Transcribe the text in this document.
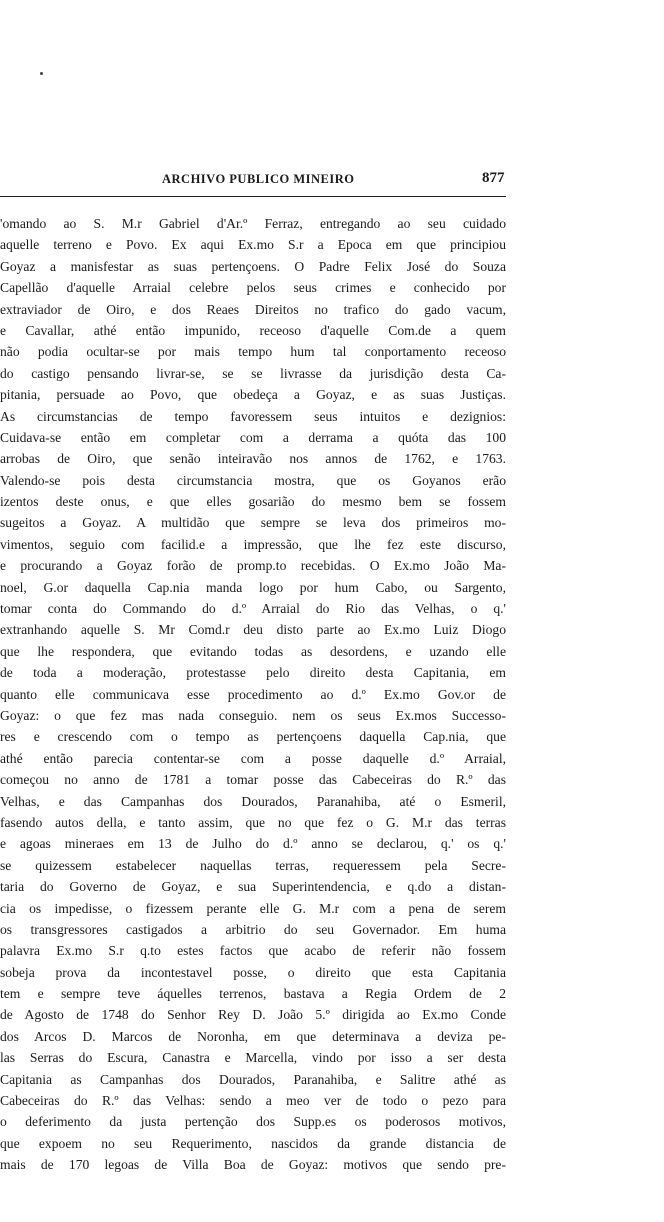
ARCHIVO PUBLICO MINEIRO	877
'omando ao S. M.r Gabriel d'Ar.º Ferraz, entregando ao seu cuidado
aquelle terreno e Povo. Ex aqui Ex.mo S.r a Epoca em que principiou
Goyaz a manisfestar as suas pertençoens. O Padre Felix José do Souza
Capellão d'aquelle Arraial celebre pelos seus crimes e conhecido por
extraviador de Oiro, e dos Reaes Direitos no trafico do gado vacum,
e Cavallar, athé então impunido, receoso d'aquelle Com.de a quem
não podia ocultar-se por mais tempo hum tal conportamento receoso
do castigo pensando livrar-se, se se livrasse da jurisdição desta Ca-
pitania, persuade ao Povo, que obedeça a Goyaz, e as suas Justiças.
As circumstancias de tempo favoressem seus intuitos e dezignios:
Cuidava-se então em completar com a derrama a quóta das 100
arrobas de Oiro, que senão inteiravão nos annos de 1762, e 1763.
Valendo-se pois desta circumstancia mostra, que os Goyanos erão
izentos deste onus, e que elles gosarião do mesmo bem se fossem
sugeitos a Goyaz. A multidão que sempre se leva dos primeiros mo-
vimentos, seguio com facilid.e a impressão, que lhe fez este discurso,
e procurando a Goyaz forão de promp.to recebidas. O Ex.mo João Ma-
noel, G.or daquella Cap.nia manda logo por hum Cabo, ou Sargento,
tomar conta do Commando do d.º Arraial do Rio das Velhas, o q.'
extranhando aquelle S. Mr Comd.r deu disto parte ao Ex.mo Luiz Diogo
que lhe respondera, que evitando todas as desordens, e uzando elle
de toda a moderação, protestasse pelo direito desta Capitania, em
quanto elle communicava esse procedimento ao d.º Ex.mo Gov.or de
Goyaz: o que fez mas nada conseguio. nem os seus Ex.mos Successo-
res e crescendo com o tempo as pertençoens daquella Cap.nia, que
athé então parecia contentar-se com a posse daquelle d.º Arraial,
começou no anno de 1781 a tomar posse das Cabeceiras do R.º das
Velhas, e das Campanhas dos Dourados, Paranahiba, até o Esmeril,
fasendo autos della, e tanto assim, que no que fez o G. M.r das terras
e agoas mineraes em 13 de Julho do d.º anno se declarou, q.' os q.'
se quizessem estabelecer naquellas terras, requeressem pela Secre-
taria do Governo de Goyaz, e sua Superintendencia, e q.do a distan-
cia os impedisse, o fizessem perante elle G. M.r com a pena de serem
os transgressores castigados a arbitrio do seu Governador. Em huma
palavra Ex.mo S.r q.to estes factos que acabo de referir não fossem
sobeja prova da incontestavel posse, o direito que esta Capitania
tem e sempre teve áquelles terrenos, bastava a Regia Ordem de 2
de Agosto de 1748 do Senhor Rey D. João 5.º dirigida ao Ex.mo Conde
dos Arcos D. Marcos de Noronha, em que determinava a deviza pe-
las Serras do Escura, Canastra e Marcella, vindo por isso a ser desta
Capitania as Campanhas dos Dourados, Paranahiba, e Salitre athé as
Cabeceiras do R.º das Velhas: sendo a meo ver de todo o pezo para
o deferimento da justa pertenção dos Supp.es os poderosos motivos,
que expoem no seu Requerimento, nascidos da grande distancia de
mais de 170 legoas de Villa Boa de Goyaz: motivos que sendo pre-
